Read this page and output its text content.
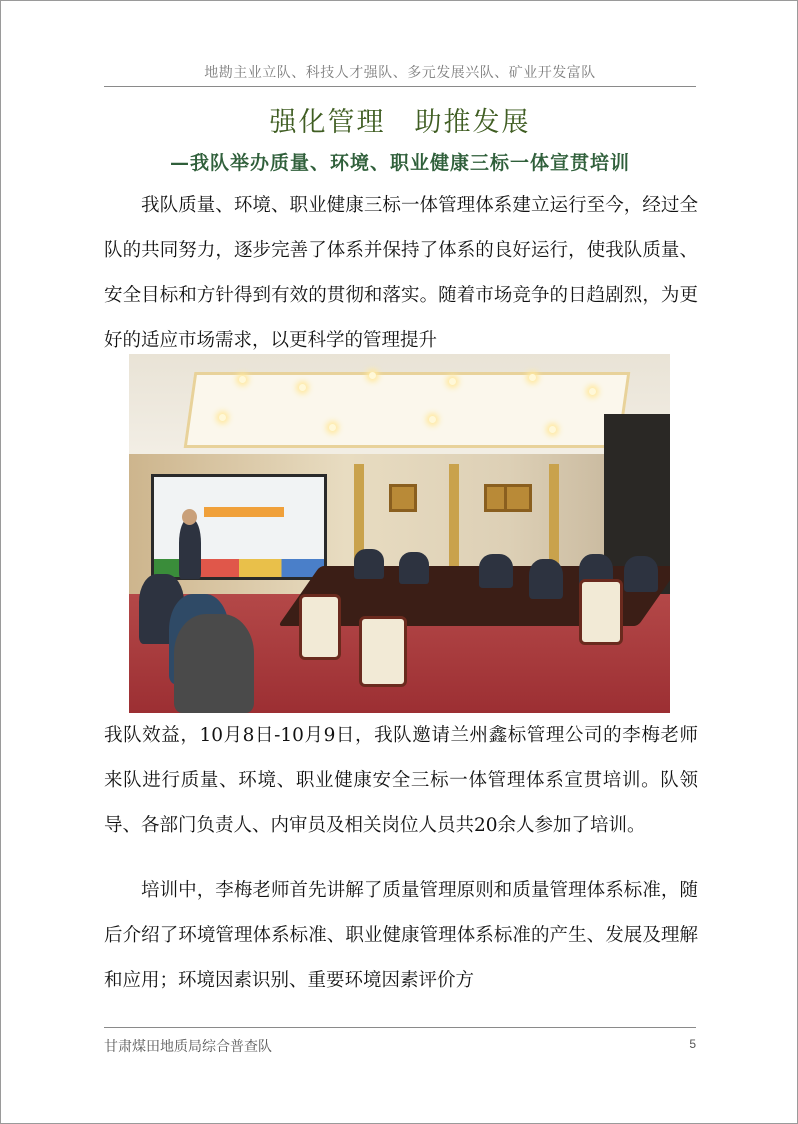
地勘主业立队、科技人才强队、多元发展兴队、矿业开发富队
强化管理　助推发展
—我队举办质量、环境、职业健康三标一体宣贯培训
我队质量、环境、职业健康三标一体管理体系建立运行至今，经过全队的共同努力，逐步完善了体系并保持了体系的良好运行，使我队质量、安全目标和方针得到有效的贯彻和落实。随着市场竞争的日趋剧烈，为更好的适应市场需求，以更科学的管理提升
我队效益，10月8日-10月9日，我队邀请兰州鑫标管理公司的李梅老师来队进行质量、环境、职业健康安全三标一体管理体系宣贯培训。队领导、各部门负责人、内审员及相关岗位人员共20余人参加了培训。
培训中，李梅老师首先讲解了质量管理原则和质量管理体系标准，随后介绍了环境管理体系标准、职业健康管理体系标准的产生、发展及理解和应用；环境因素识别、重要环境因素评价方
甘肃煤田地质局综合普查队	5
